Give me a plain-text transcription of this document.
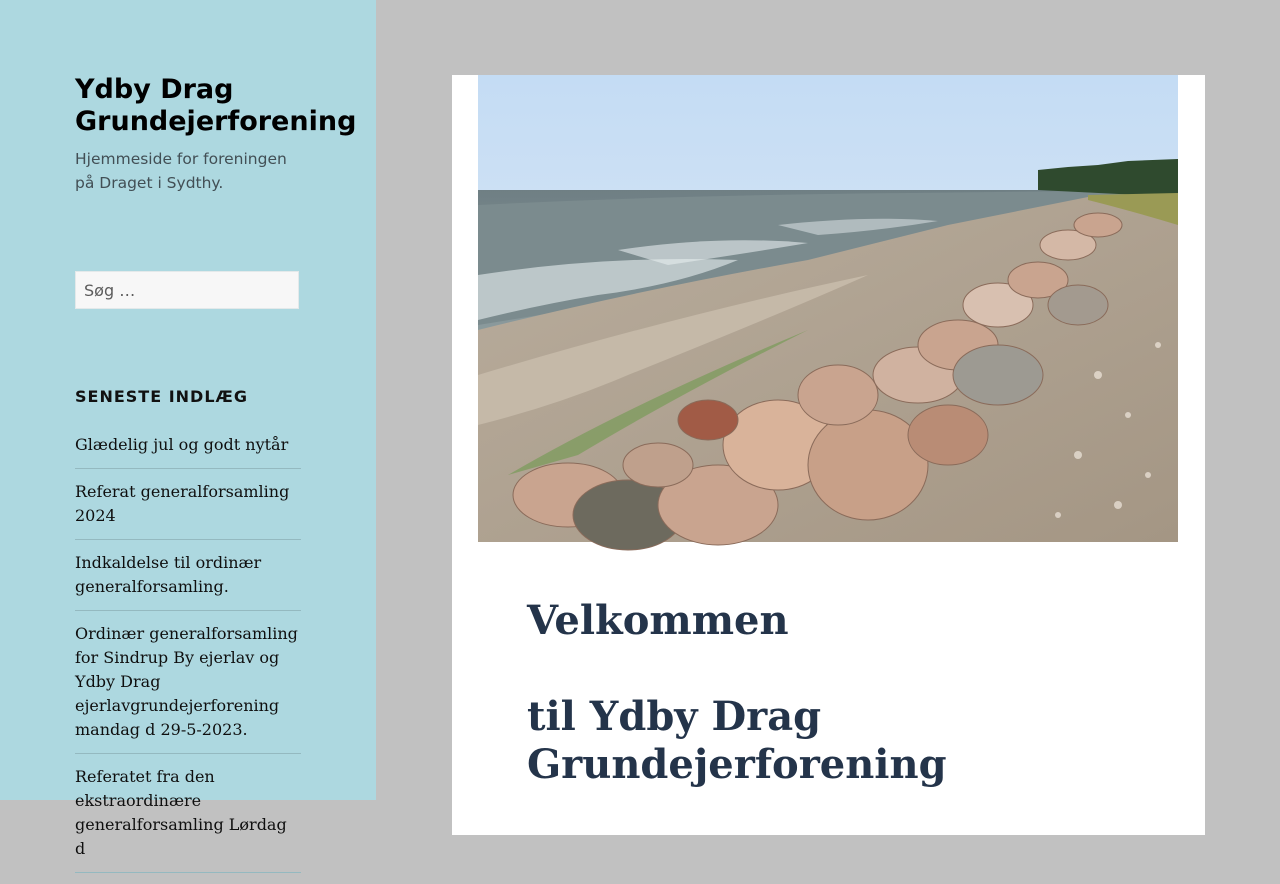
Ydby Drag Grundejerforening

Hjemmeside for foreningen på Draget i Sydthy.

Søg …
SENESTE INDLÆG
Glædelig jul og godt nytår
Referat generalforsamling 2024
Indkaldelse til ordinær generalforsamling.
Ordinær generalforsamling for Sindrup By ejerlav og Ydby Drag ejerlavgrundejerforening mandag d 29-5-2023.
Referatet fra den ekstraordinære generalforsamling Lørdag d
Velkommen
til Ydby Drag Grundejerforening
